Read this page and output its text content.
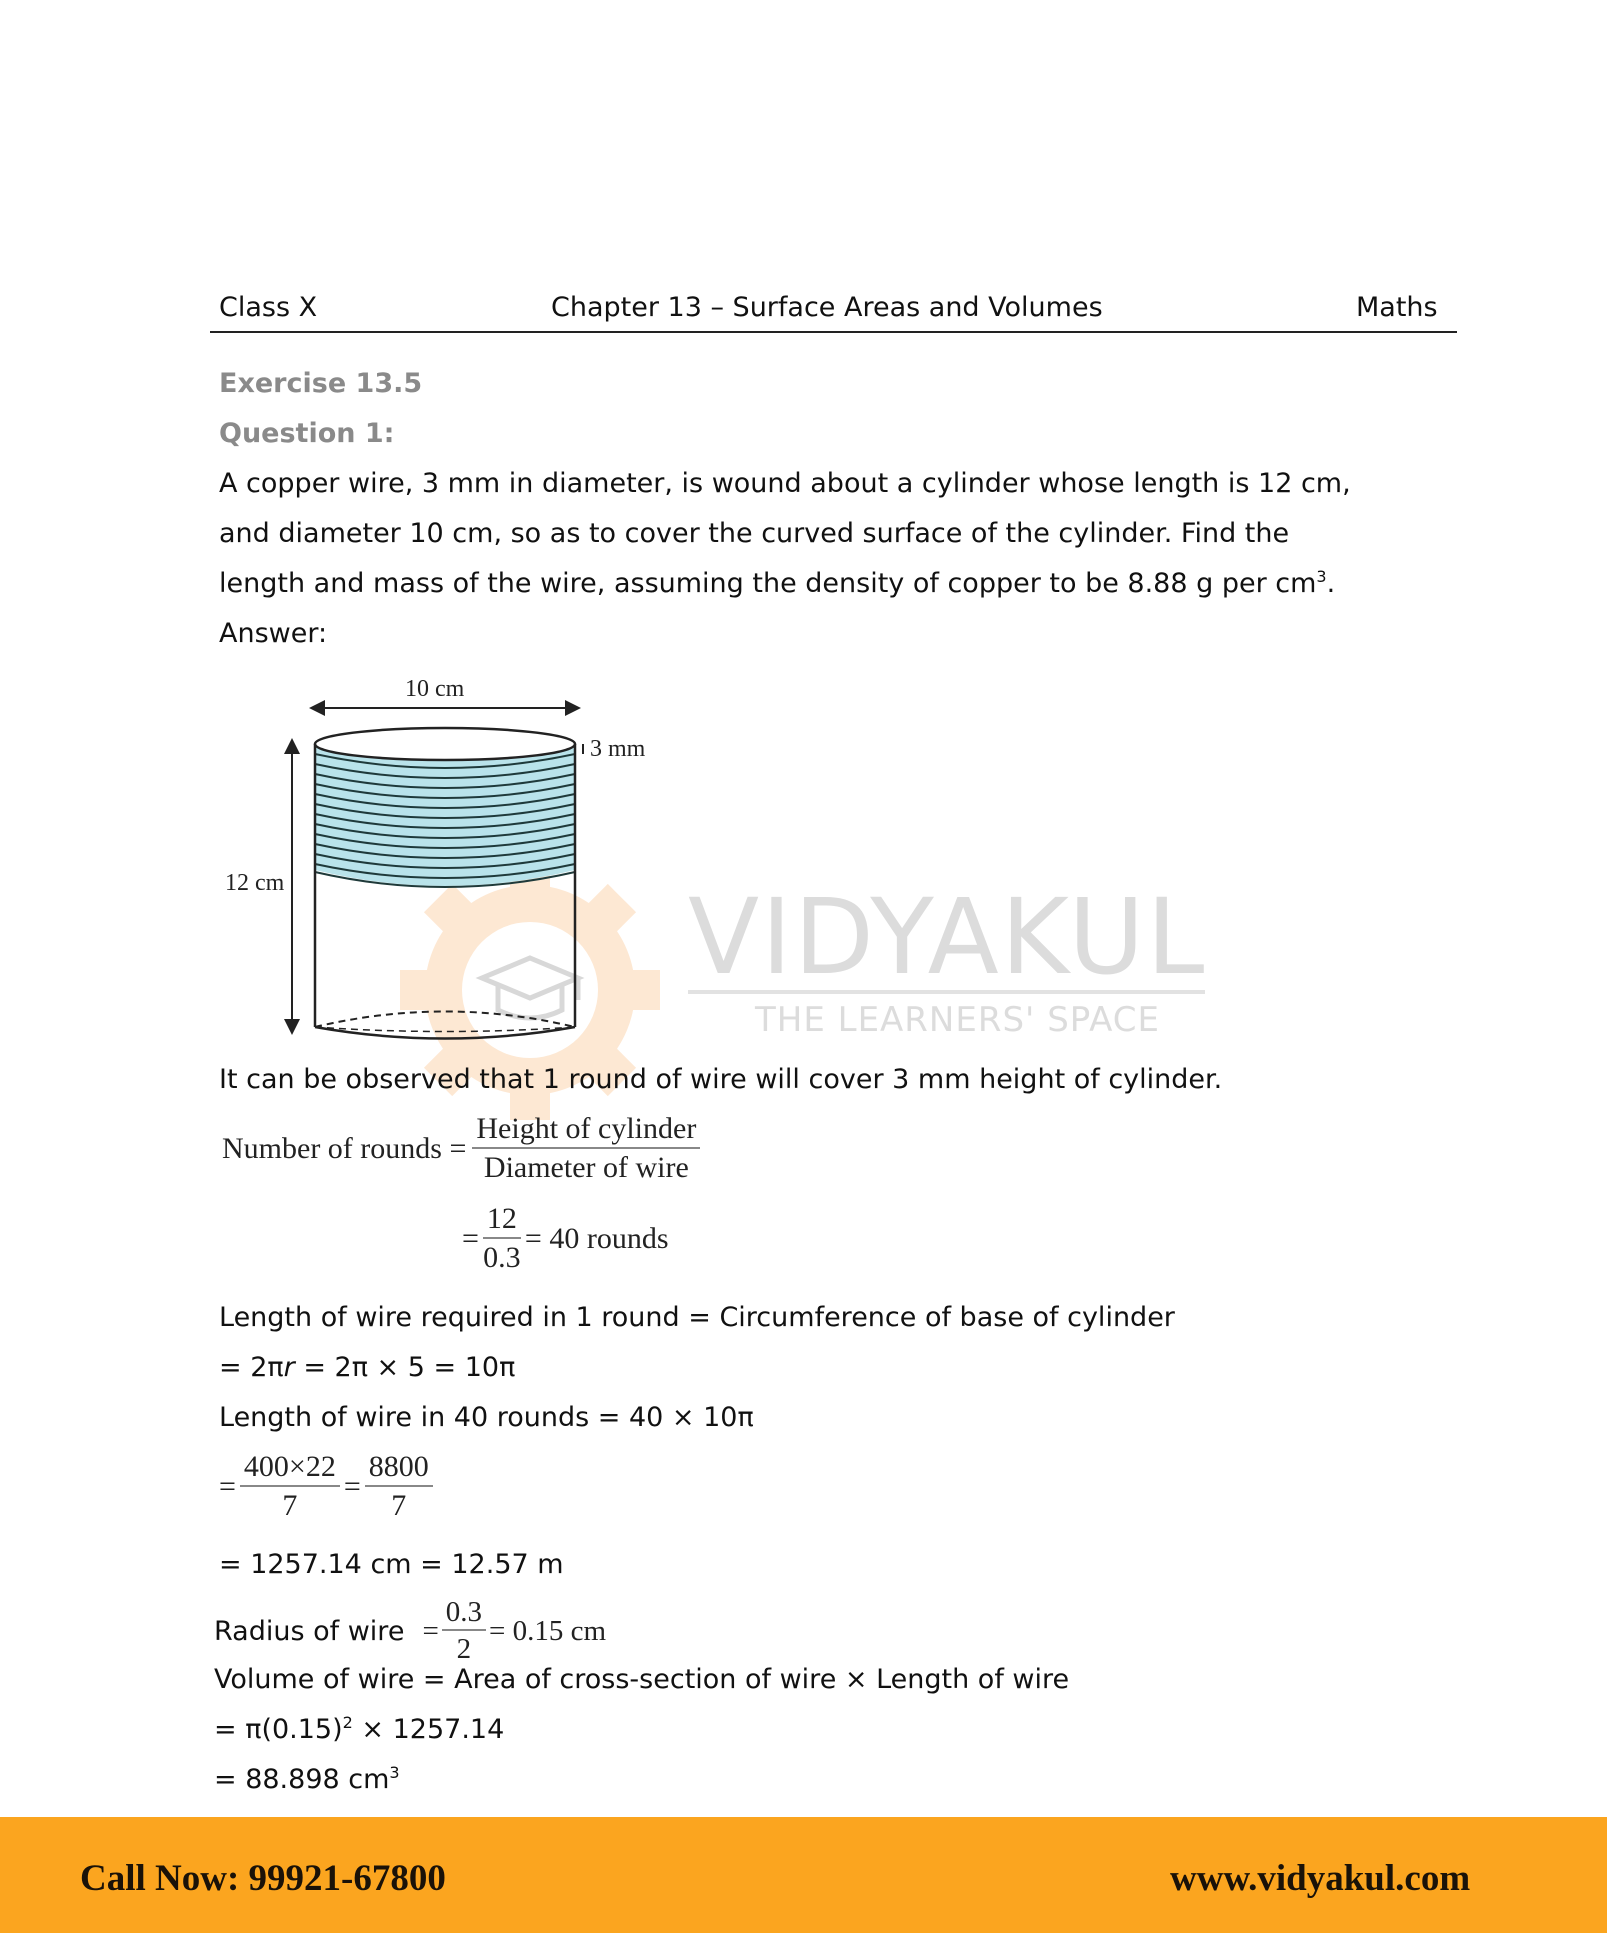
Class X	Chapter 13 – Surface Areas and Volumes	Maths
VIDYAKUL
THE LEARNERS' SPACE
Exercise 13.5
Question 1:
A copper wire, 3 mm in diameter, is wound about a cylinder whose length is 12 cm,
and diameter 10 cm, so as to cover the curved surface of the cylinder. Find the
length and mass of the wire, assuming the density of copper to be 8.88 g per $cm^3$.
Answer:
10 cm
12 cm
3 mm
It can be observed that 1 round of wire will cover 3 mm height of cylinder.
Number of rounds = $\frac{\text{Height of cylinder}}{\text{Diameter of wire}}$
= $\frac{12}{0.3} = 40$ rounds
Length of wire required in 1 round = Circumference of base of cylinder
= 2πr = 2π × 5 = 10π
Length of wire in 40 rounds = 40 × 10π
= $\frac{400\times 22}{7} = \frac{8800}{7}$
= 1257.14 cm = 12.57 m
Radius of wire = $\frac{0.3}{2} = 0.15$ cm
Volume of wire = Area of cross-section of wire × Length of wire
= $\pi(0.15)^2 \times 1257.14$
= 88.898 $cm^3$
Call Now: 99921-67800	www.vidyakul.com
